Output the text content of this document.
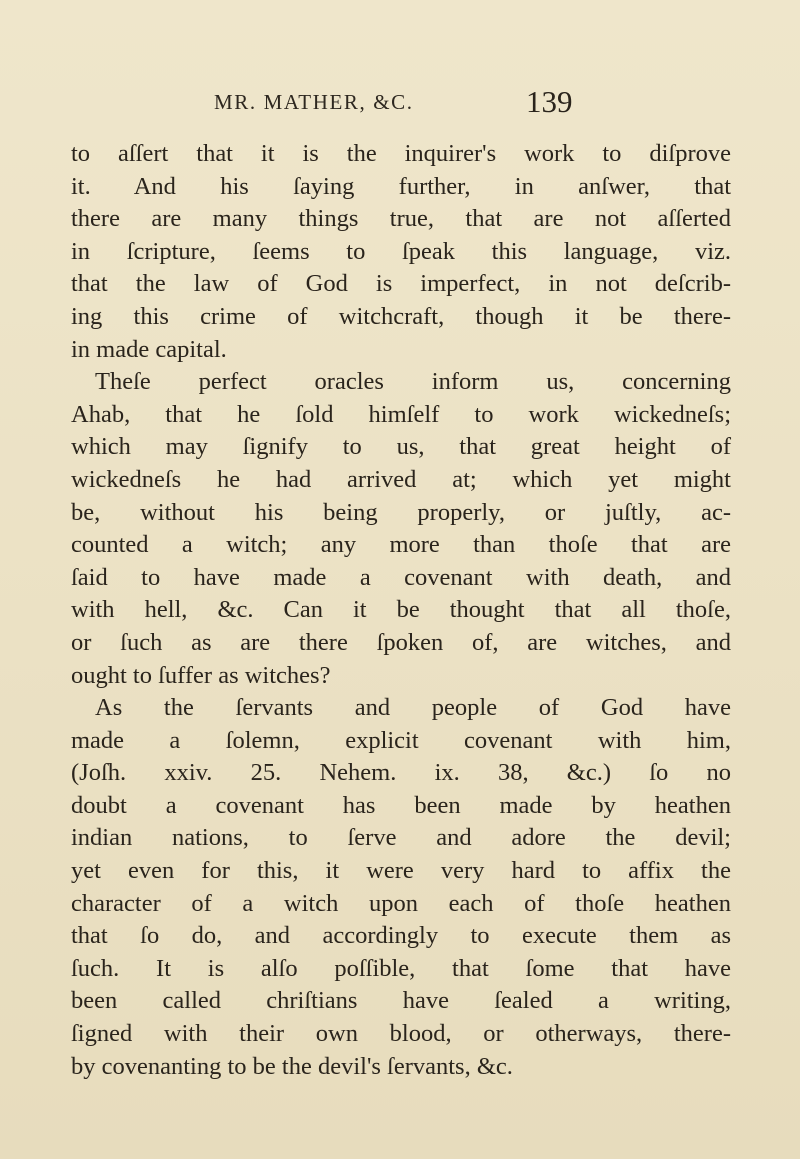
MR. MATHER, &C.	139
to aſſert that it is the inquirer's work to diſprove
it. And his ſaying further, in anſwer, that
there are many things true, that are not aſſerted
in ſcripture, ſeems to ſpeak this language, viz.
that the law of God is imperfect, in not deſcrib-
ing this crime of witchcraft, though it be there-
in made capital.
Theſe perfect oracles inform us, concerning
Ahab, that he ſold himſelf to work wickedneſs;
which may ſignify to us, that great height of
wickedneſs he had arrived at; which yet might
be, without his being properly, or juſtly, ac-
counted a witch; any more than thoſe that are
ſaid to have made a covenant with death, and
with hell, &c. Can it be thought that all thoſe,
or ſuch as are there ſpoken of, are witches, and
ought to ſuffer as witches?
As the ſervants and people of God have
made a ſolemn, explicit covenant with him,
(Joſh. xxiv. 25. Nehem. ix. 38, &c.) ſo no
doubt a covenant has been made by heathen
indian nations, to ſerve and adore the devil;
yet even for this, it were very hard to affix the
character of a witch upon each of thoſe heathen
that ſo do, and accordingly to execute them as
ſuch. It is alſo poſſible, that ſome that have
been called chriſtians have ſealed a writing,
ſigned with their own blood, or otherways, there-
by covenanting to be the devil's ſervants, &c.
